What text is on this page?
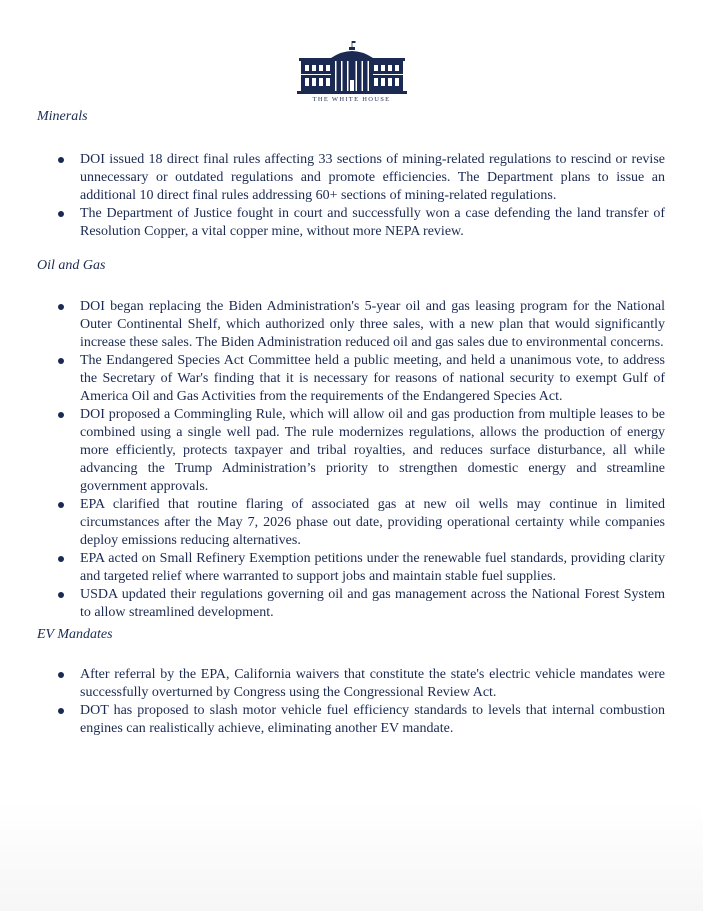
THE WHITE HOUSE
Minerals
DOI issued 18 direct final rules affecting 33 sections of mining-related regulations to rescind or revise unnecessary or outdated regulations and promote efficiencies. The Department plans to issue an additional 10 direct final rules addressing 60+ sections of mining-related regulations.
The Department of Justice fought in court and successfully won a case defending the land transfer of Resolution Copper, a vital copper mine, without more NEPA review.
Oil and Gas
DOI began replacing the Biden Administration's 5-year oil and gas leasing program for the National Outer Continental Shelf, which authorized only three sales, with a new plan that would significantly increase these sales. The Biden Administration reduced oil and gas sales due to environmental concerns.
The Endangered Species Act Committee held a public meeting, and held a unanimous vote, to address the Secretary of War's finding that it is necessary for reasons of national security to exempt Gulf of America Oil and Gas Activities from the requirements of the Endangered Species Act.
DOI proposed a Commingling Rule, which will allow oil and gas production from multiple leases to be combined using a single well pad. The rule modernizes regulations, allows the production of energy more efficiently, protects taxpayer and tribal royalties, and reduces surface disturbance, all while advancing the Trump Administration’s priority to strengthen domestic energy and streamline government approvals.
EPA clarified that routine flaring of associated gas at new oil wells may continue in limited circumstances after the May 7, 2026 phase out date, providing operational certainty while companies deploy emissions reducing alternatives.
EPA acted on Small Refinery Exemption petitions under the renewable fuel standards, providing clarity and targeted relief where warranted to support jobs and maintain stable fuel supplies.
USDA updated their regulations governing oil and gas management across the National Forest System to allow streamlined development.
EV Mandates
After referral by the EPA, California waivers that constitute the state's electric vehicle mandates were successfully overturned by Congress using the Congressional Review Act.
DOT has proposed to slash motor vehicle fuel efficiency standards to levels that internal combustion engines can realistically achieve, eliminating another EV mandate.
